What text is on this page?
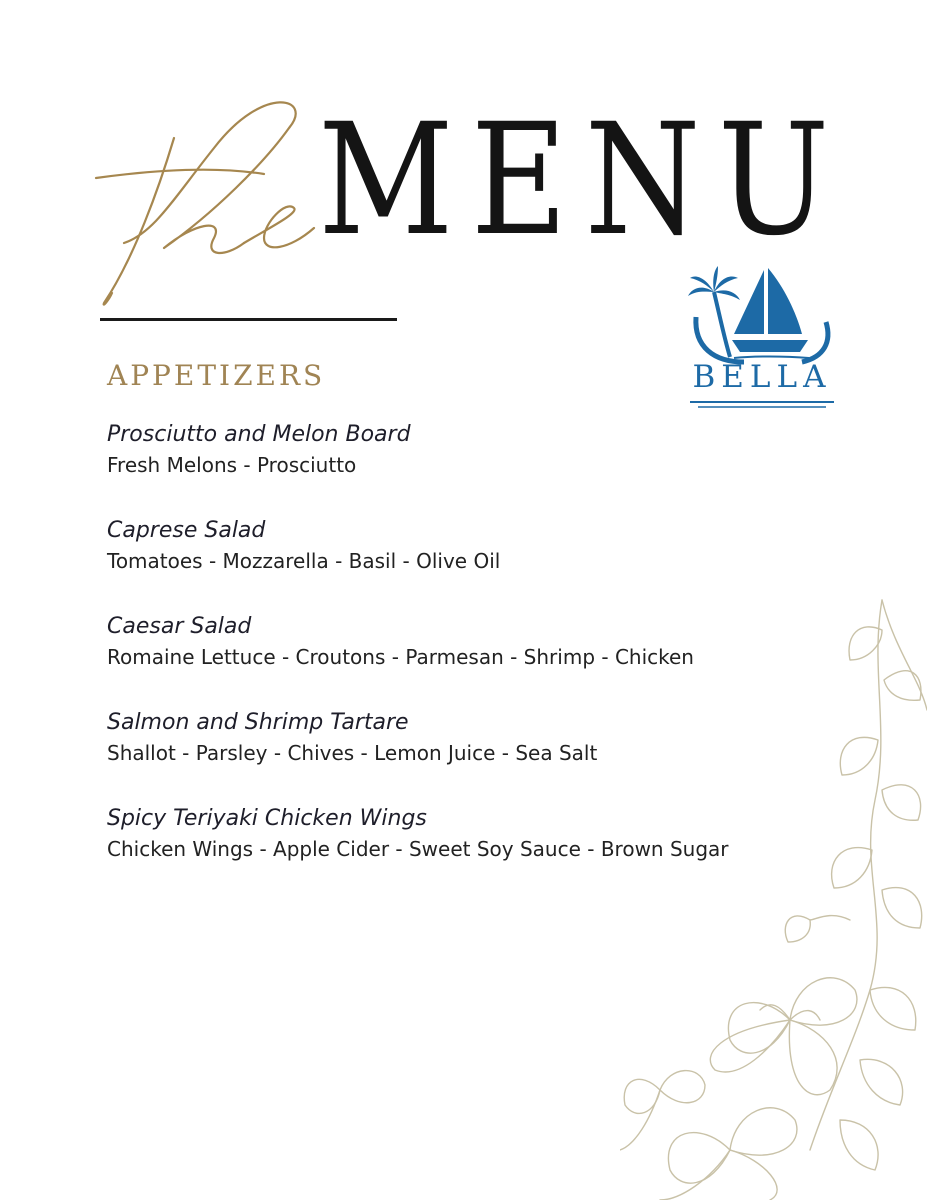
MENU
BELLA
APPETIZERS
Prosciutto and Melon Board
Fresh Melons - Prosciutto
Caprese Salad
Tomatoes - Mozzarella - Basil - Olive Oil
Caesar Salad
Romaine Lettuce - Croutons - Parmesan - Shrimp - Chicken
Salmon and Shrimp Tartare
Shallot - Parsley - Chives - Lemon Juice - Sea Salt
Spicy Teriyaki Chicken Wings
Chicken Wings - Apple Cider - Sweet Soy Sauce - Brown Sugar
